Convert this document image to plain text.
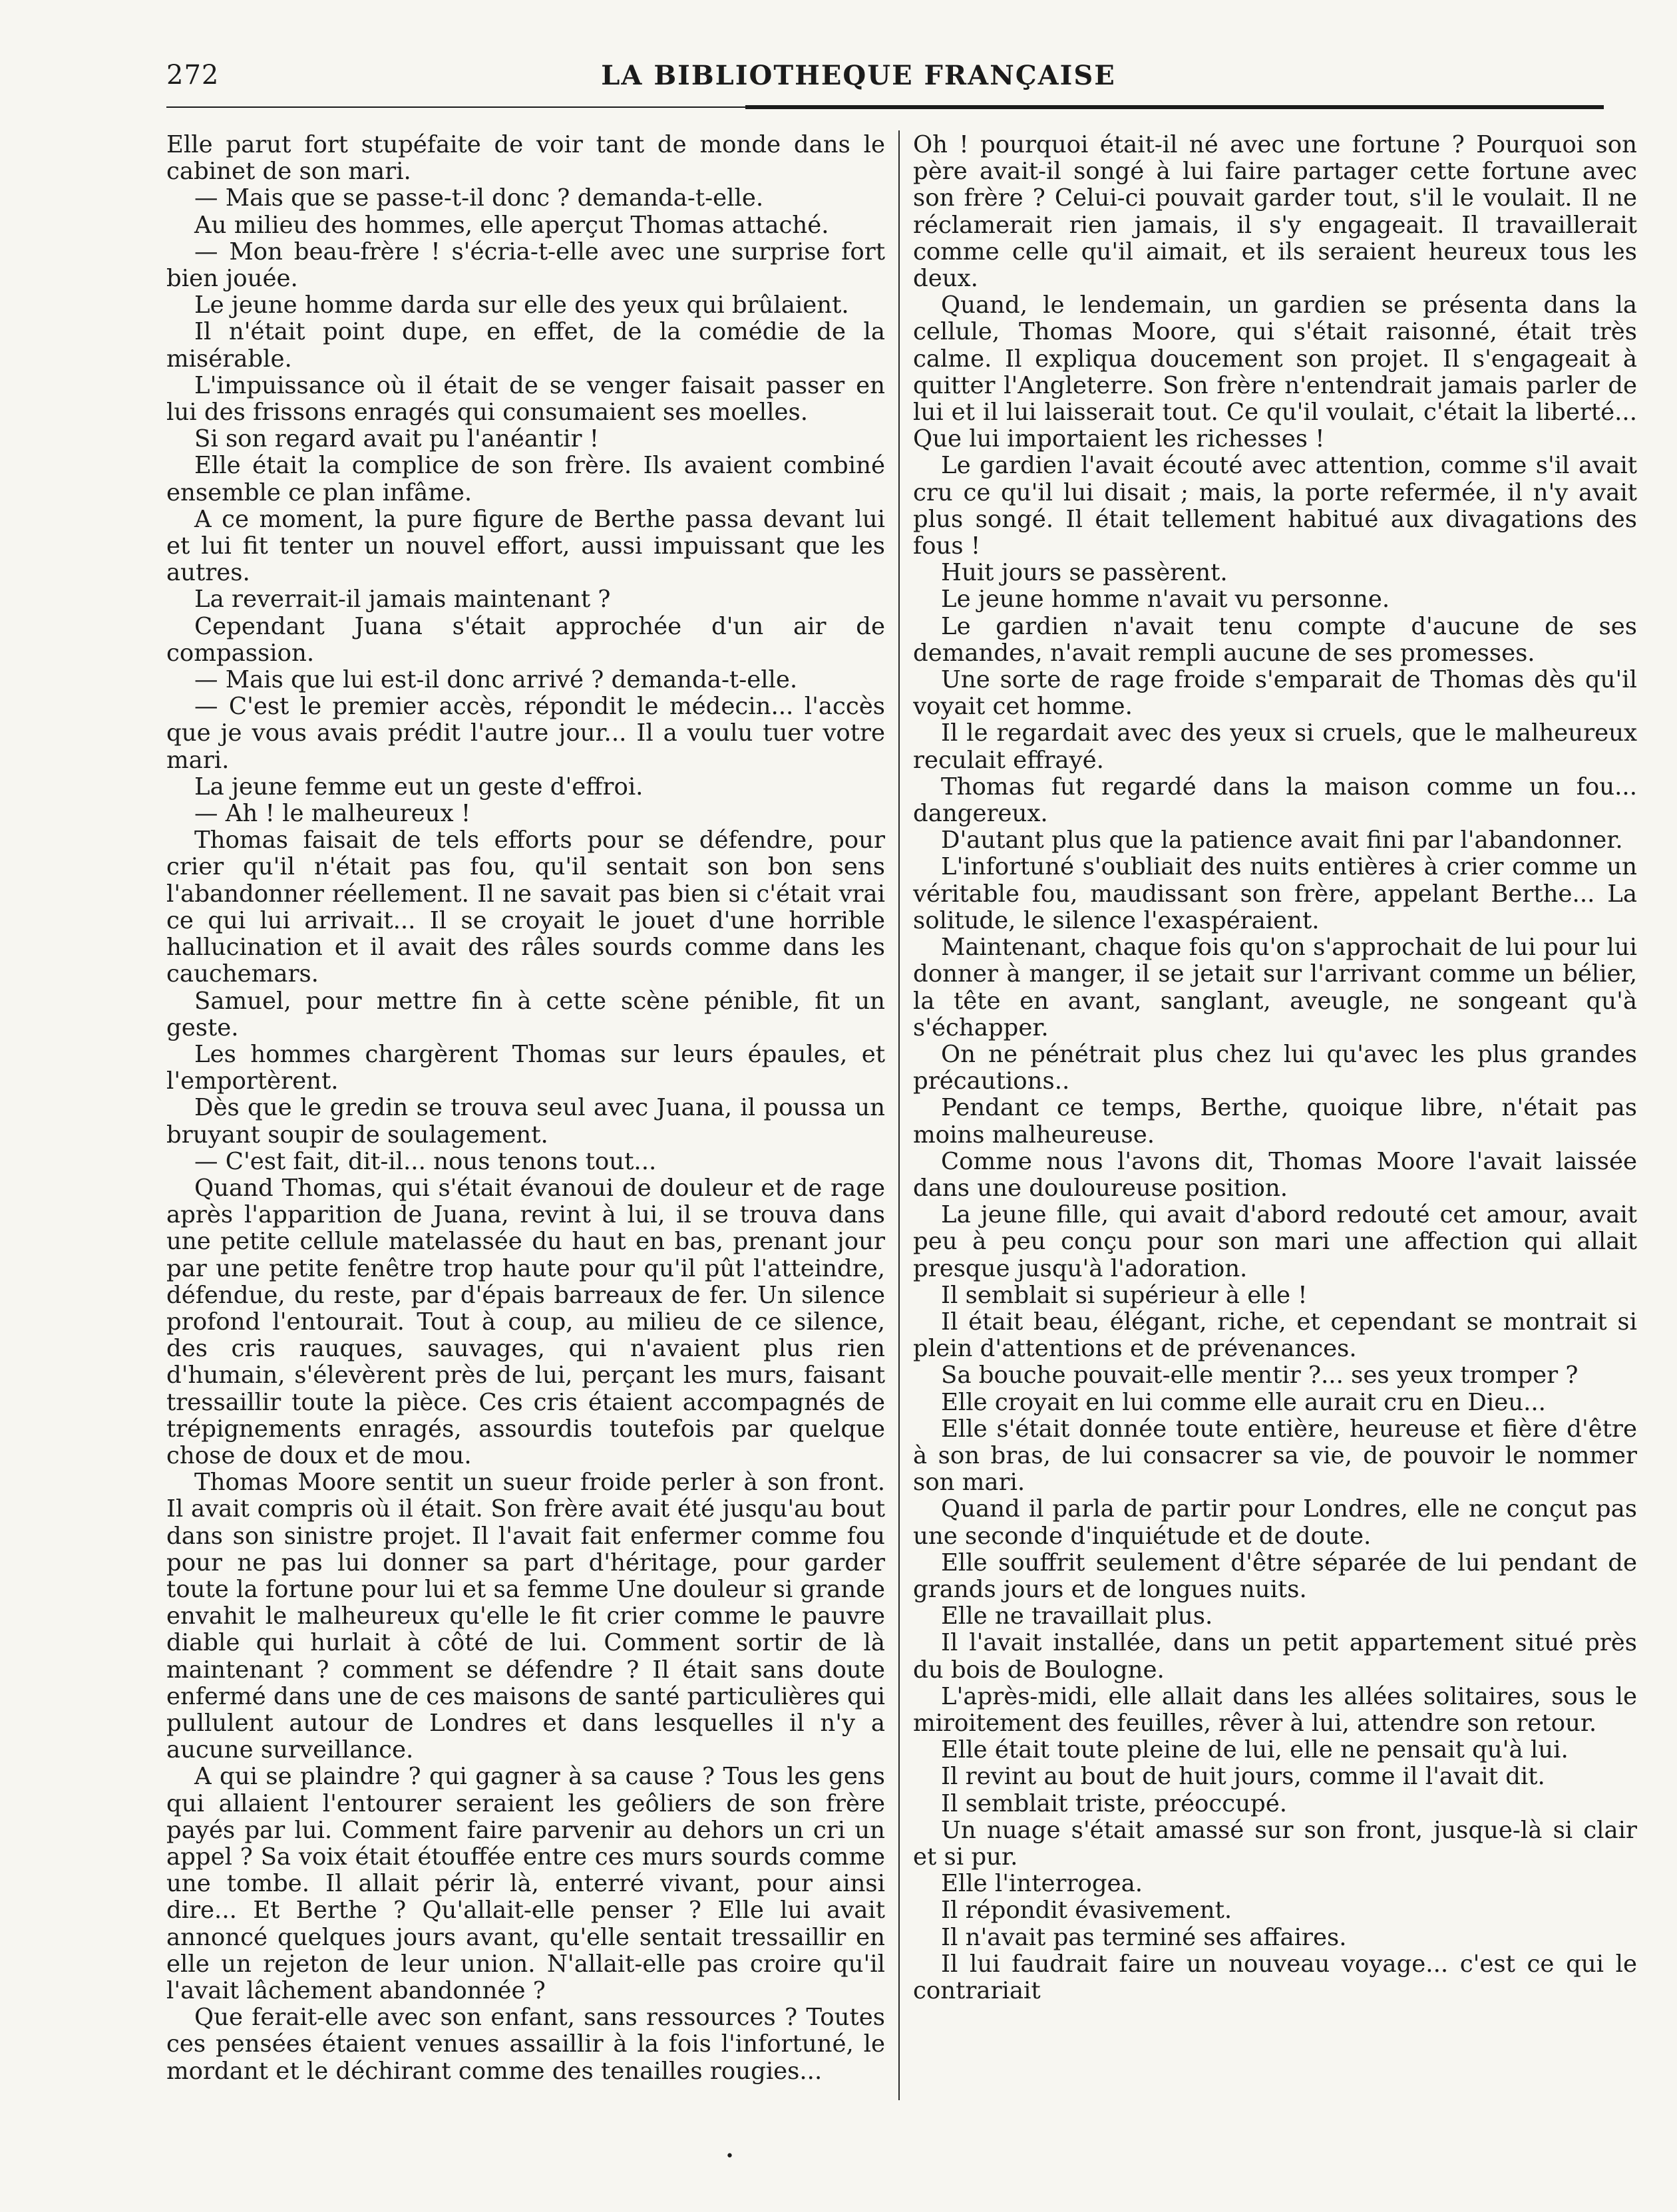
272	LA BIBLIOTHEQUE FRANÇAISE

Elle parut fort stupéfaite de voir tant de monde dans le cabinet de son mari.

— Mais que se passe-t-il donc ? demanda-t-elle.

Au milieu des hommes, elle aperçut Thomas attaché.

— Mon beau-frère ! s'écria-t-elle avec une surprise fort bien jouée.

Le jeune homme darda sur elle des yeux qui brûlaient.

Il n'était point dupe, en effet, de la comédie de la misérable.

L'impuissance où il était de se venger faisait passer en lui des frissons enragés qui consumaient ses moelles.

Si son regard avait pu l'anéantir !

Elle était la complice de son frère. Ils avaient combiné ensemble ce plan infâme.

A ce moment, la pure figure de Berthe passa devant lui et lui fit tenter un nouvel effort, aussi impuissant que les autres.

La reverrait-il jamais maintenant ?

Cependant Juana s'était approchée d'un air de compassion.

— Mais que lui est-il donc arrivé ? demanda-t-elle.

— C'est le premier accès, répondit le médecin... l'accès que je vous avais prédit l'autre jour... Il a voulu tuer votre mari.

La jeune femme eut un geste d'effroi.

— Ah ! le malheureux !

Thomas faisait de tels efforts pour se défendre, pour crier qu'il n'était pas fou, qu'il sentait son bon sens l'abandonner réellement. Il ne savait pas bien si c'était vrai ce qui lui arrivait... Il se croyait le jouet d'une horrible hallucination et il avait des râles sourds comme dans les cauchemars.

Samuel, pour mettre fin à cette scène pénible, fit un geste.

Les hommes chargèrent Thomas sur leurs épaules, et l'emportèrent.

Dès que le gredin se trouva seul avec Juana, il poussa un bruyant soupir de soulagement.

— C'est fait, dit-il... nous tenons tout...

Quand Thomas, qui s'était évanoui de douleur et de rage après l'apparition de Juana, revint à lui, il se trouva dans une petite cellule matelassée du haut en bas, prenant jour par une petite fenêtre trop haute pour qu'il pût l'atteindre, défendue, du reste, par d'épais barreaux de fer. Un silence profond l'entourait. Tout à coup, au milieu de ce silence, des cris rauques, sauvages, qui n'avaient plus rien d'humain, s'élevèrent près de lui, perçant les murs, faisant tressaillir toute la pièce. Ces cris étaient accompagnés de trépignements enragés, assourdis toutefois par quelque chose de doux et de mou.

Thomas Moore sentit un sueur froide perler à son front. Il avait compris où il était. Son frère avait été jusqu'au bout dans son sinistre projet. Il l'avait fait enfermer comme fou pour ne pas lui donner sa part d'héritage, pour garder toute la fortune pour lui et sa femme Une douleur si grande envahit le malheureux qu'elle le fit crier comme le pauvre diable qui hurlait à côté de lui. Comment sortir de là maintenant ? comment se défendre ? Il était sans doute enfermé dans une de ces maisons de santé particulières qui pullulent autour de Londres et dans lesquelles il n'y a aucune surveillance.

A qui se plaindre ? qui gagner à sa cause ? Tous les gens qui allaient l'entourer seraient les geôliers de son frère payés par lui. Comment faire parvenir au dehors un cri un appel ? Sa voix était étouffée entre ces murs sourds comme une tombe. Il allait périr là, enterré vivant, pour ainsi dire... Et Berthe ? Qu'allait-elle penser ? Elle lui avait annoncé quelques jours avant, qu'elle sentait tressaillir en elle un rejeton de leur union. N'allait-elle pas croire qu'il l'avait lâchement abandonnée ?

Que ferait-elle avec son enfant, sans ressources ? Toutes ces pensées étaient venues assaillir à la fois l'infortuné, le mordant et le déchirant comme des tenailles rougies...

Oh ! pourquoi était-il né avec une fortune ? Pourquoi son père avait-il songé à lui faire partager cette fortune avec son frère ? Celui-ci pouvait garder tout, s'il le voulait. Il ne réclamerait rien jamais, il s'y engageait. Il travaillerait comme celle qu'il aimait, et ils seraient heureux tous les deux.

Quand, le lendemain, un gardien se présenta dans la cellule, Thomas Moore, qui s'était raisonné, était très calme. Il expliqua doucement son projet. Il s'engageait à quitter l'Angleterre. Son frère n'entendrait jamais parler de lui et il lui laisserait tout. Ce qu'il voulait, c'était la liberté... Que lui importaient les richesses !

Le gardien l'avait écouté avec attention, comme s'il avait cru ce qu'il lui disait ; mais, la porte refermée, il n'y avait plus songé. Il était tellement habitué aux divagations des fous !

Huit jours se passèrent.

Le jeune homme n'avait vu personne.

Le gardien n'avait tenu compte d'aucune de ses demandes, n'avait rempli aucune de ses promesses.

Une sorte de rage froide s'emparait de Thomas dès qu'il voyait cet homme.

Il le regardait avec des yeux si cruels, que le malheureux reculait effrayé.

Thomas fut regardé dans la maison comme un fou... dangereux.

D'autant plus que la patience avait fini par l'abandonner.

L'infortuné s'oubliait des nuits entières à crier comme un véritable fou, maudissant son frère, appelant Berthe... La solitude, le silence l'exaspéraient.

Maintenant, chaque fois qu'on s'approchait de lui pour lui donner à manger, il se jetait sur l'arrivant comme un bélier, la tête en avant, sanglant, aveugle, ne songeant qu'à s'échapper.

On ne pénétrait plus chez lui qu'avec les plus grandes précautions..

Pendant ce temps, Berthe, quoique libre, n'était pas moins malheureuse.

Comme nous l'avons dit, Thomas Moore l'avait laissée dans une douloureuse position.

La jeune fille, qui avait d'abord redouté cet amour, avait peu à peu conçu pour son mari une affection qui allait presque jusqu'à l'adoration.

Il semblait si supérieur à elle !

Il était beau, élégant, riche, et cependant se montrait si plein d'attentions et de prévenances.

Sa bouche pouvait-elle mentir ?... ses yeux tromper ?

Elle croyait en lui comme elle aurait cru en Dieu...

Elle s'était donnée toute entière, heureuse et fière d'être à son bras, de lui consacrer sa vie, de pouvoir le nommer son mari.

Quand il parla de partir pour Londres, elle ne conçut pas une seconde d'inquiétude et de doute.

Elle souffrit seulement d'être séparée de lui pendant de grands jours et de longues nuits.

Elle ne travaillait plus.

Il l'avait installée, dans un petit appartement situé près du bois de Boulogne.

L'après-midi, elle allait dans les allées solitaires, sous le miroitement des feuilles, rêver à lui, attendre son retour.

Elle était toute pleine de lui, elle ne pensait qu'à lui.

Il revint au bout de huit jours, comme il l'avait dit.

Il semblait triste, préoccupé.

Un nuage s'était amassé sur son front, jusque-là si clair et si pur.

Elle l'interrogea.

Il répondit évasivement.

Il n'avait pas terminé ses affaires.

Il lui faudrait faire un nouveau voyage... c'est ce qui le contrariait

•
